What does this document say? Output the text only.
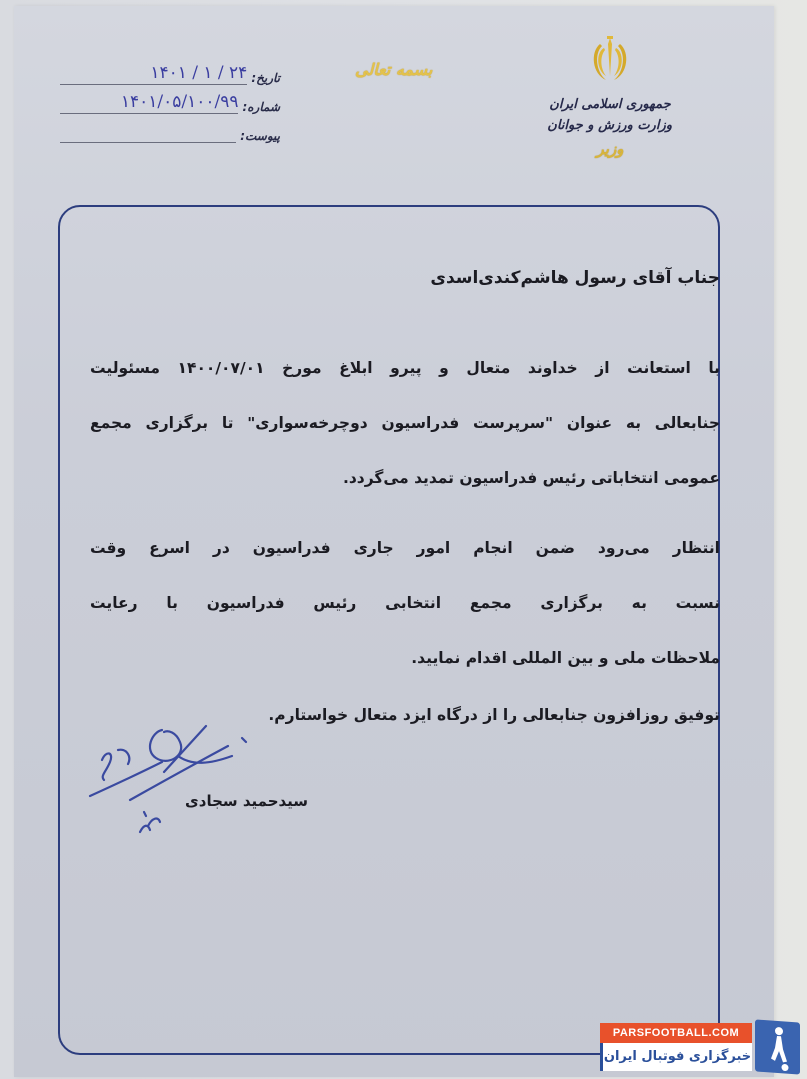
تاریخ:
۱۴۰۱ / ۱ / ۲۴
شماره:
۱۴۰۱/۰۵/۱۰۰/۹۹
پیوست:
بسمه تعالی
جمهوری اسلامی ایران
وزارت ورزش و جوانان
وزیر
جناب آقای رسول هاشم‌کندی‌اسدی
با استعانت از خداوند متعال و پیرو ابلاغ مورخ ۱۴۰۰/۰۷/۰۱ مسئولیت
جنابعالی به عنوان "سرپرست فدراسیون دوچرخه‌سواری" تا برگزاری مجمع
عمومی انتخاباتی رئیس فدراسیون تمدید می‌گردد.
انتظار می‌رود ضمن انجام امور جاری فدراسیون در اسرع وقت
نسبت به برگزاری مجمع انتخابی رئیس فدراسیون با رعایت
ملاحظات ملی و بین المللی اقدام نمایید.
توفیق روزافزون جنابعالی را از درگاه ایزد متعال خواستارم.
سیدحمید سجادی
PARSFOOTBALL.COM
خبرگزاری فوتبال ایران
